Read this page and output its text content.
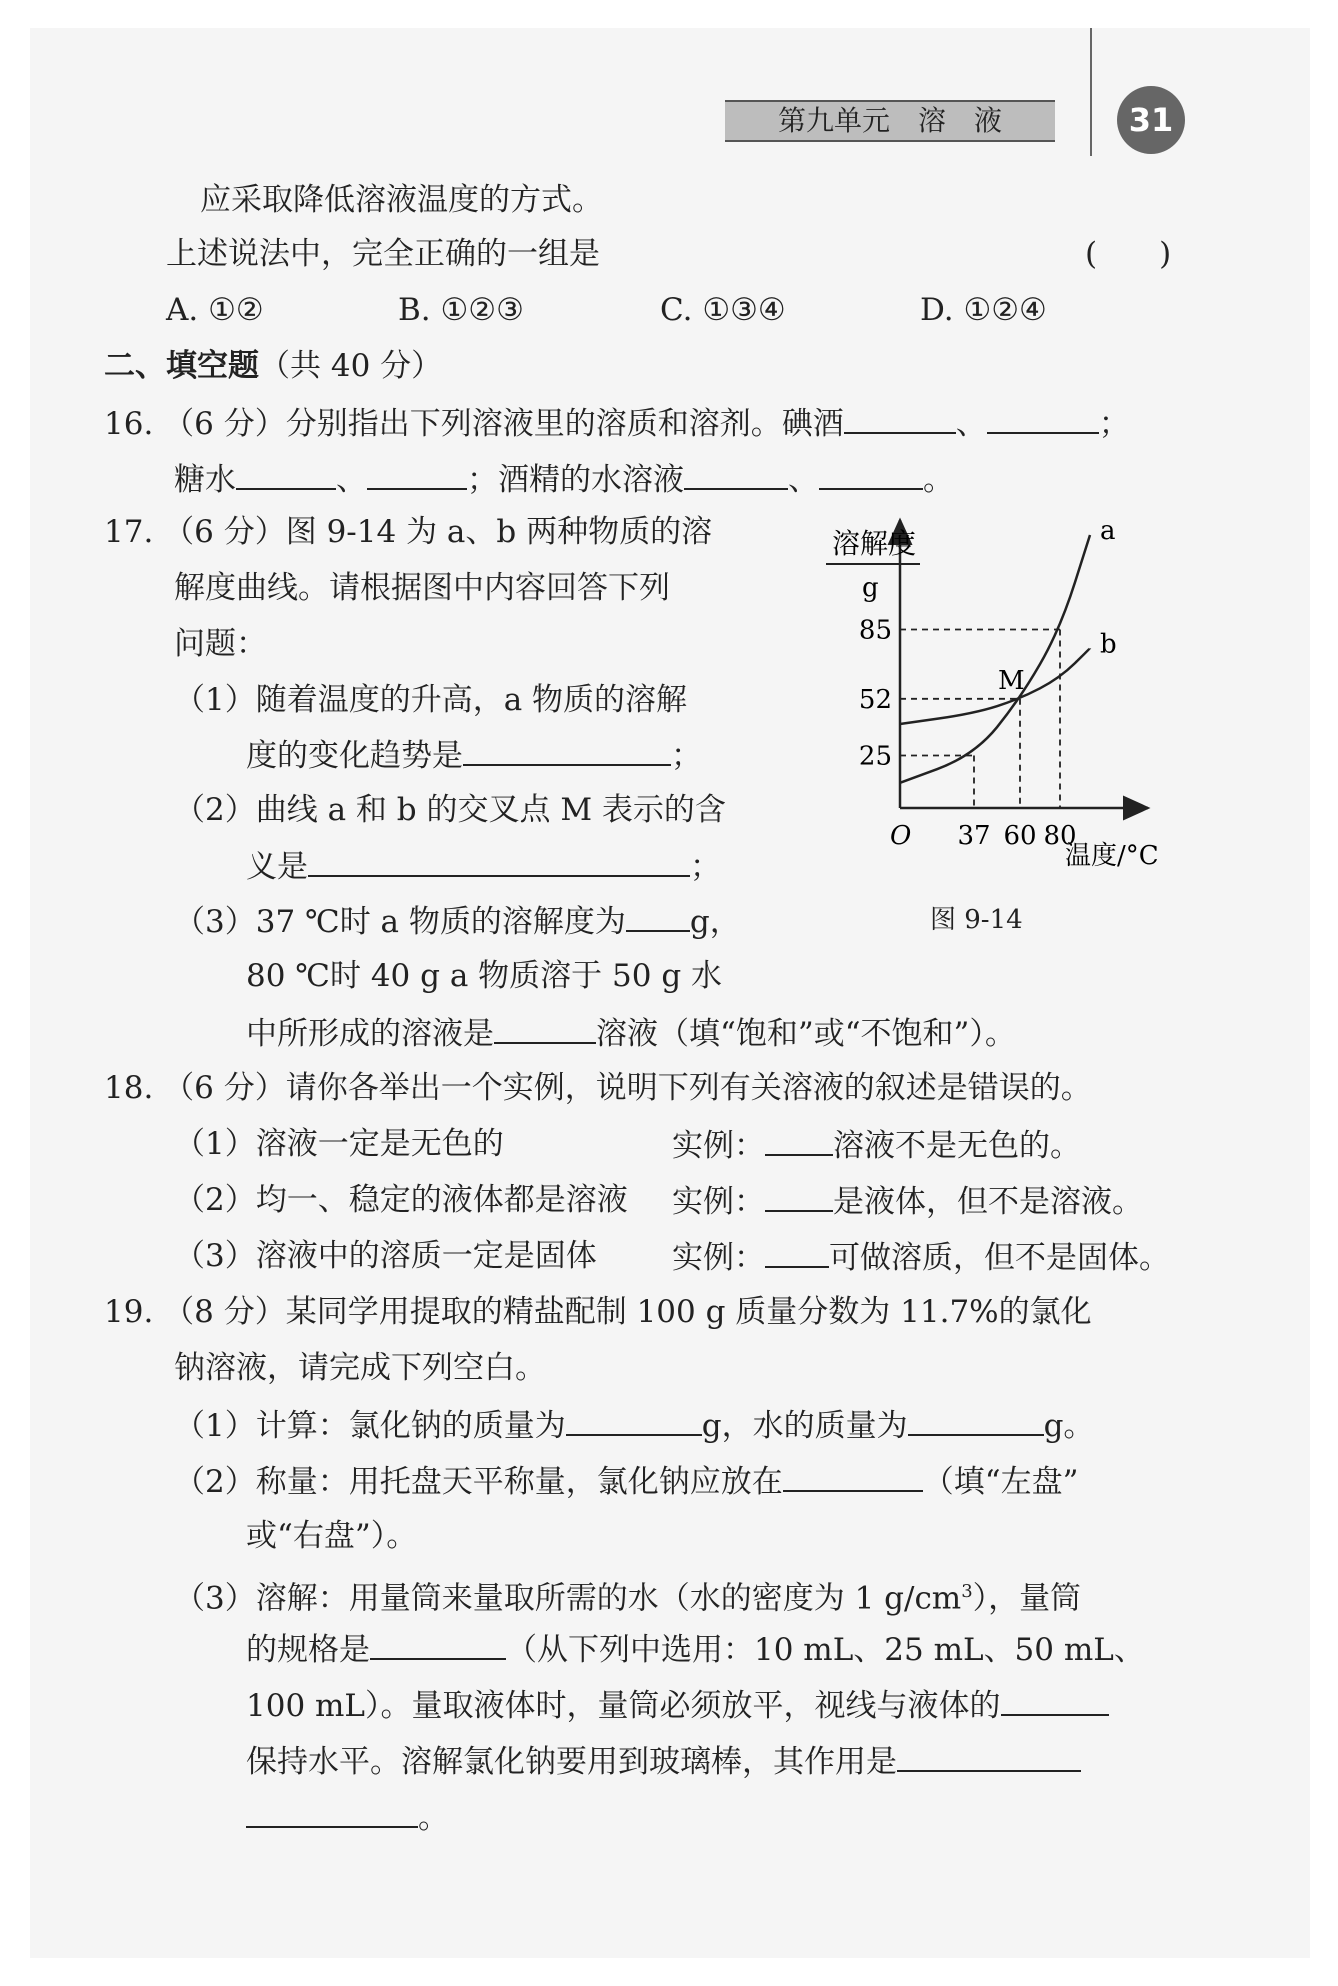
第九单元　溶　液	31
应采取降低溶液温度的方式。
上述说法中，完全正确的一组是	(　　)
A. ①②	B. ①②③	C. ①③④	D. ①②④
二、填空题（共 40 分）
16. （6 分）分别指出下列溶液里的溶质和溶剂。碘酒	、	；
糖水	、	；酒精的水溶液	、	。
17. （6 分）图 9-14 为 a、b 两种物质的溶
解度曲线。请根据图中内容回答下列
问题：
（1）随着温度的升高，a 物质的溶解
度的变化趋势是	；
（2）曲线 a 和 b 的交叉点 M 表示的含
义是	；
（3）37 ℃时 a 物质的溶解度为 g，
80 ℃时 40 g a 物质溶于 50 g 水
中所形成的溶液是	溶液（填“饱和”或“不饱和”）。
溶解度
g
O
温度/°C
37 60 80
25
52
85
a
b
M
图 9-14
18. （6 分）请你各举出一个实例，说明下列有关溶液的叙述是错误的。
（1）溶液一定是无色的	实例： 溶液不是无色的。
（2）均一、稳定的液体都是溶液 实例： 是液体，但不是溶液。
（3）溶液中的溶质一定是固体 实例： 可做溶质，但不是固体。
19. （8 分）某同学用提取的精盐配制 100 g 质量分数为 11.7%的氯化
钠溶液，请完成下列空白。
（1）计算：氯化钠的质量为	g，水的质量为	g。
（2）称量：用托盘天平称量，氯化钠应放在	（填“左盘”
或“右盘”）。
（3）溶解：用量筒来量取所需的水（水的密度为 1 $g/cm^3$），量筒
的规格是	（从下列中选用：10 mL、25 mL、50 mL、
100 mL）。量取液体时，量筒必须放平，视线与液体的
保持水平。溶解氯化钠要用到玻璃棒，其作用是
。
